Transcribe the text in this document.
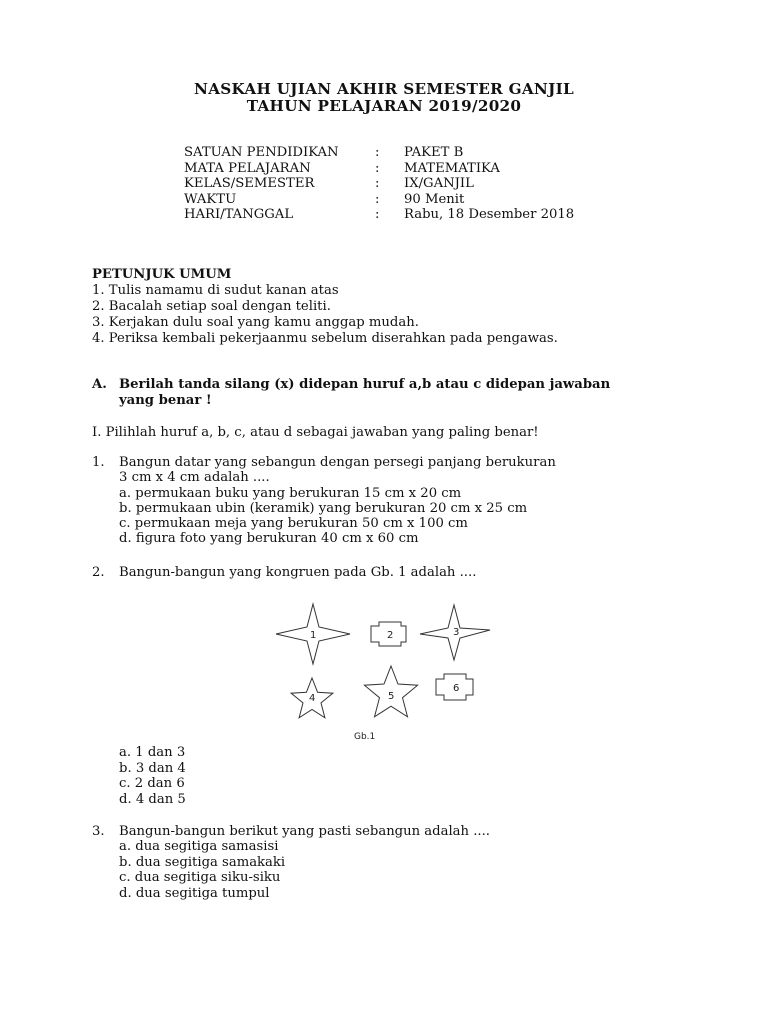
NASKAH UJIAN AKHIR SEMESTER GANJIL
TAHUN PELAJARAN 2019/2020
SATUAN PENDIDIKAN	: PAKET B
MATA PELAJARAN	: MATEMATIKA
KELAS/SEMESTER	: IX/GANJIL
WAKTU	: 90 Menit
HARI/TANGGAL	: Rabu, 18 Desember 2018
PETUNJUK UMUM
1. Tulis namamu di sudut kanan atas
2. Bacalah setiap soal dengan teliti.
3. Kerjakan dulu soal yang kamu anggap mudah.
4. Periksa kembali pekerjaanmu sebelum diserahkan pada pengawas.
A. Berilah tanda silang (x) didepan huruf a,b atau c didepan jawaban
yang benar !
I. Pilihlah huruf a, b, c, atau d sebagai jawaban yang paling benar!
1. Bangun datar yang sebangun dengan persegi panjang berukuran
3 cm x 4 cm adalah ....
a. permukaan buku yang berukuran 15 cm x 20 cm
b. permukaan ubin (keramik) yang berukuran 20 cm x 25 cm
c. permukaan meja yang berukuran 50 cm x 100 cm
d. figura foto yang berukuran 40 cm x 60 cm
2. Bangun-bangun yang kongruen pada Gb. 1 adalah ....
1	2	3
4	5
6
Gb.1
a. 1 dan 3
b. 3 dan 4
c. 2 dan 6
d. 4 dan 5
3. Bangun-bangun berikut yang pasti sebangun adalah ....
a. dua segitiga samasisi
b. dua segitiga samakaki
c. dua segitiga siku-siku
d. dua segitiga tumpul
